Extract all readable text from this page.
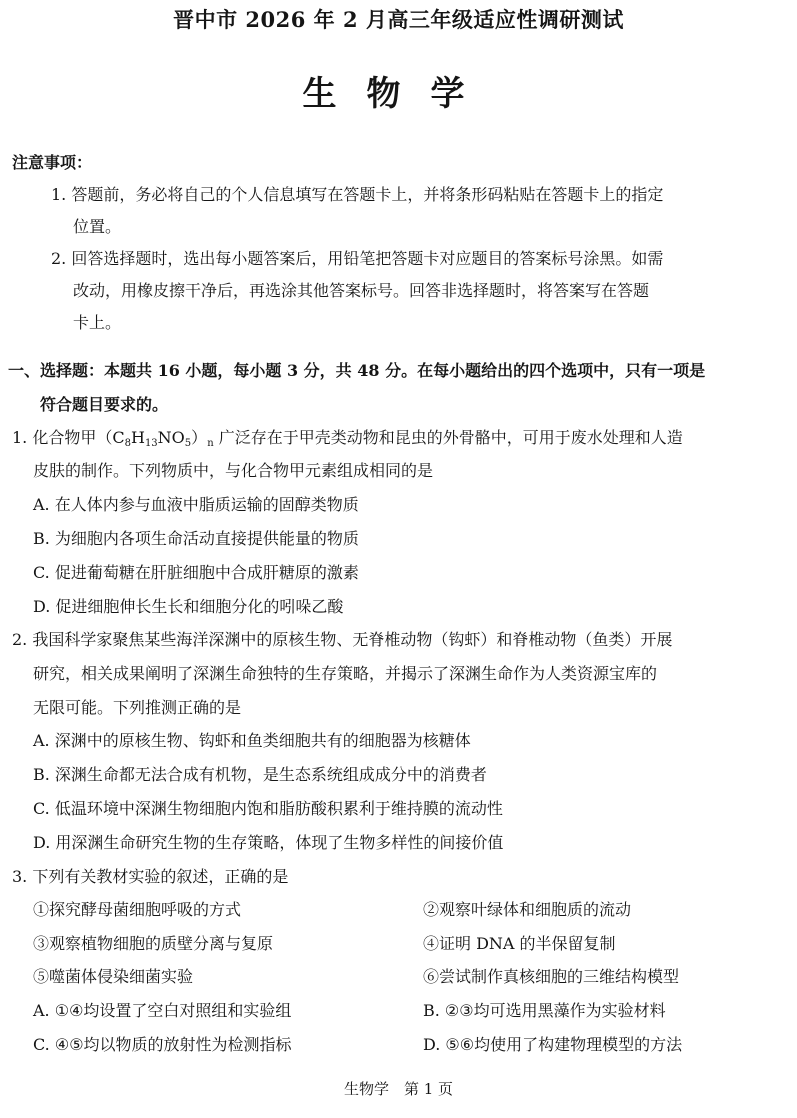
晋中市 2026 年 2 月高三年级适应性调研测试
生物学
注意事项：
1. 答题前，务必将自己的个人信息填写在答题卡上，并将条形码粘贴在答题卡上的指定
位置。
2. 回答选择题时，选出每小题答案后，用铅笔把答题卡对应题目的答案标号涂黑。如需
改动，用橡皮擦干净后，再选涂其他答案标号。回答非选择题时，将答案写在答题
卡上。
一、选择题：本题共 16 小题，每小题 3 分，共 48 分。在每小题给出的四个选项中，只有一项是
符合题目要求的。
1. 化合物甲$(C_8H_{13}NO_5)_n$ 广泛存在于甲壳类动物和昆虫的外骨骼中，可用于废水处理和人造
皮肤的制作。下列物质中，与化合物甲元素组成相同的是
A. 在人体内参与血液中脂质运输的固醇类物质
B. 为细胞内各项生命活动直接提供能量的物质
C. 促进葡萄糖在肝脏细胞中合成肝糖原的激素
D. 促进细胞伸长生长和细胞分化的吲哚乙酸
2. 我国科学家聚焦某些海洋深渊中的原核生物、无脊椎动物（钩虾）和脊椎动物（鱼类）开展
研究，相关成果阐明了深渊生命独特的生存策略，并揭示了深渊生命作为人类资源宝库的
无限可能。下列推测正确的是
A. 深渊中的原核生物、钩虾和鱼类细胞共有的细胞器为核糖体
B. 深渊生命都无法合成有机物，是生态系统组成成分中的消费者
C. 低温环境中深渊生物细胞内饱和脂肪酸积累利于维持膜的流动性
D. 用深渊生命研究生物的生存策略，体现了生物多样性的间接价值
3. 下列有关教材实验的叙述，正确的是
①探究酵母菌细胞呼吸的方式	②观察叶绿体和细胞质的流动
③观察植物细胞的质壁分离与复原	④证明 DNA 的半保留复制
⑤噬菌体侵染细菌实验	⑥尝试制作真核细胞的三维结构模型
A. ①④均设置了空白对照组和实验组	B. ②③均可选用黑藻作为实验材料
C. ④⑤均以物质的放射性为检测指标	D. ⑤⑥均使用了构建物理模型的方法
生物学　第 1 页
